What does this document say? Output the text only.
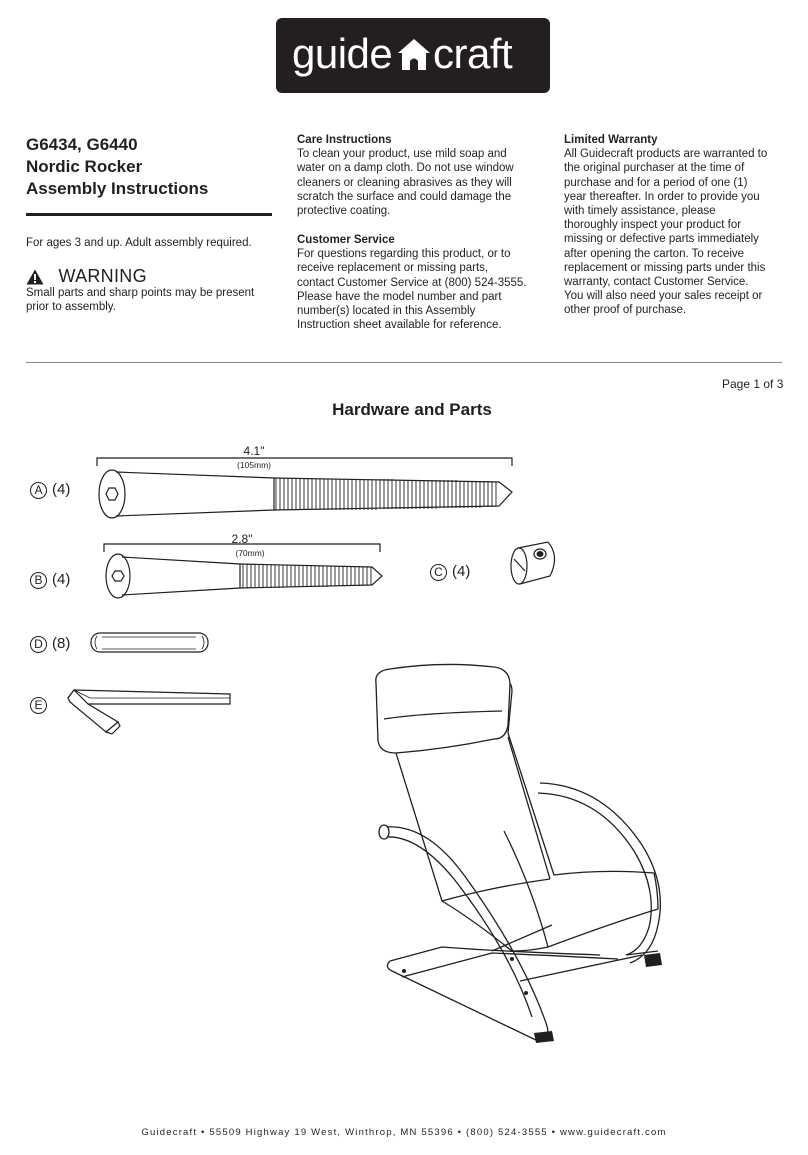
guide craft
G6434, G6440
Nordic Rocker
Assembly Instructions
For ages 3 and up. Adult assembly required.
WARNING
Small parts and sharp points may be present
prior to assembly.
Care Instructions
To clean your product, use mild soap and
water on a damp cloth. Do not use window
cleaners or cleaning abrasives as they will
scratch the surface and could damage the
protective coating.
Customer Service
For questions regarding this product, or to
receive replacement or missing parts,
contact Customer Service at (800) 524-3555.
Please have the model number and part
number(s) located in this Assembly
Instruction sheet available for reference.
Limited Warranty
All Guidecraft products are warranted to
the original purchaser at the time of
purchase and for a period of one (1)
year thereafter. In order to provide you
with timely assistance, please
thoroughly inspect your product for
missing or defective parts immediately
after opening the carton. To receive
replacement or missing parts under this
warranty, contact Customer Service.
You will also need your sales receipt or
other proof of purchase.
Page 1 of 3
Hardware and Parts
A (4)
4.1"
(105mm)
B (4)
2.8"
(70mm)
C (4)
D (8)
E
Guidecraft • 55509 Highway 19 West, Winthrop, MN 55396 • (800) 524-3555 • www.guidecraft.com
